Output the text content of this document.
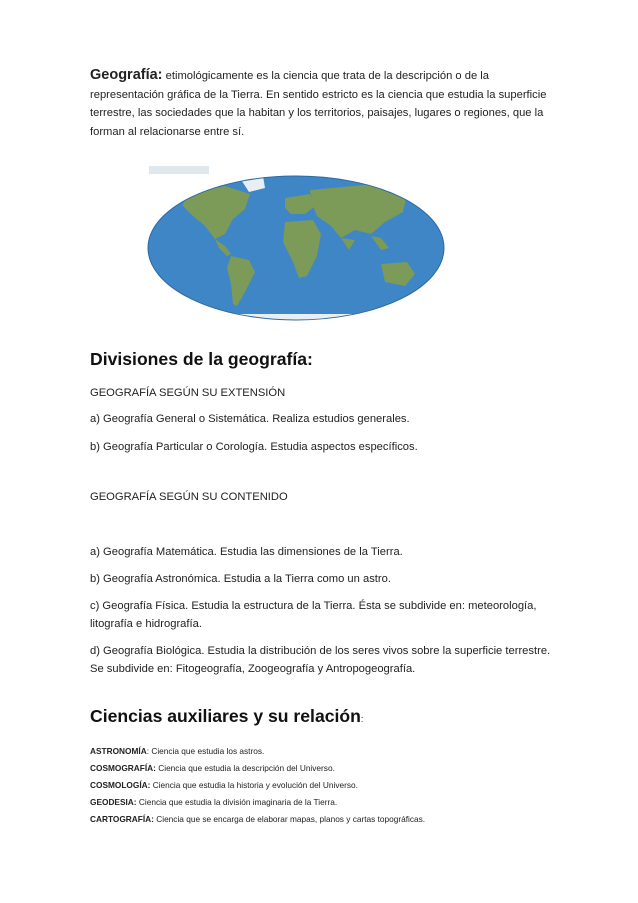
Geografía: etimológicamente es la ciencia que trata de la descripción o de la representación gráfica de la Tierra. En sentido estricto es la ciencia que estudia la superficie terrestre, las sociedades que la habitan y los territorios, paisajes, lugares o regiones, que la forman al relacionarse entre sí.

Divisiones de la geografía:

GEOGRAFÍA SEGÚN SU EXTENSIÓN

a) Geografía General o Sistemática. Realiza estudios generales.

b) Geografía Particular o Corología. Estudia aspectos específicos.

GEOGRAFÍA SEGÚN SU CONTENIDO

a) Geografía Matemática. Estudia las dimensiones de la Tierra.

b) Geografía Astronómica. Estudia a la Tierra como un astro.

c) Geografía Física. Estudia la estructura de la Tierra. Ésta se subdivide en: meteorología, litografía e hidrografía.

d) Geografía Biológica. Estudia la distribución de los seres vivos sobre la superficie terrestre. Se subdivide en: Fitogeografía, Zoogeografía y Antropogeografía.

Ciencias auxiliares y su relación:

ASTRONOMÍA: Ciencia que estudia los astros.

COSMOGRAFÍA: Ciencia que estudia la descripción del Universo.

COSMOLOGÍA: Ciencia que estudia la historia y evolución del Universo.

GEODESIA: Ciencia que estudia la división imaginaria de la Tierra.

CARTOGRAFÍA: Ciencia que se encarga de elaborar mapas, planos y cartas topográficas.
